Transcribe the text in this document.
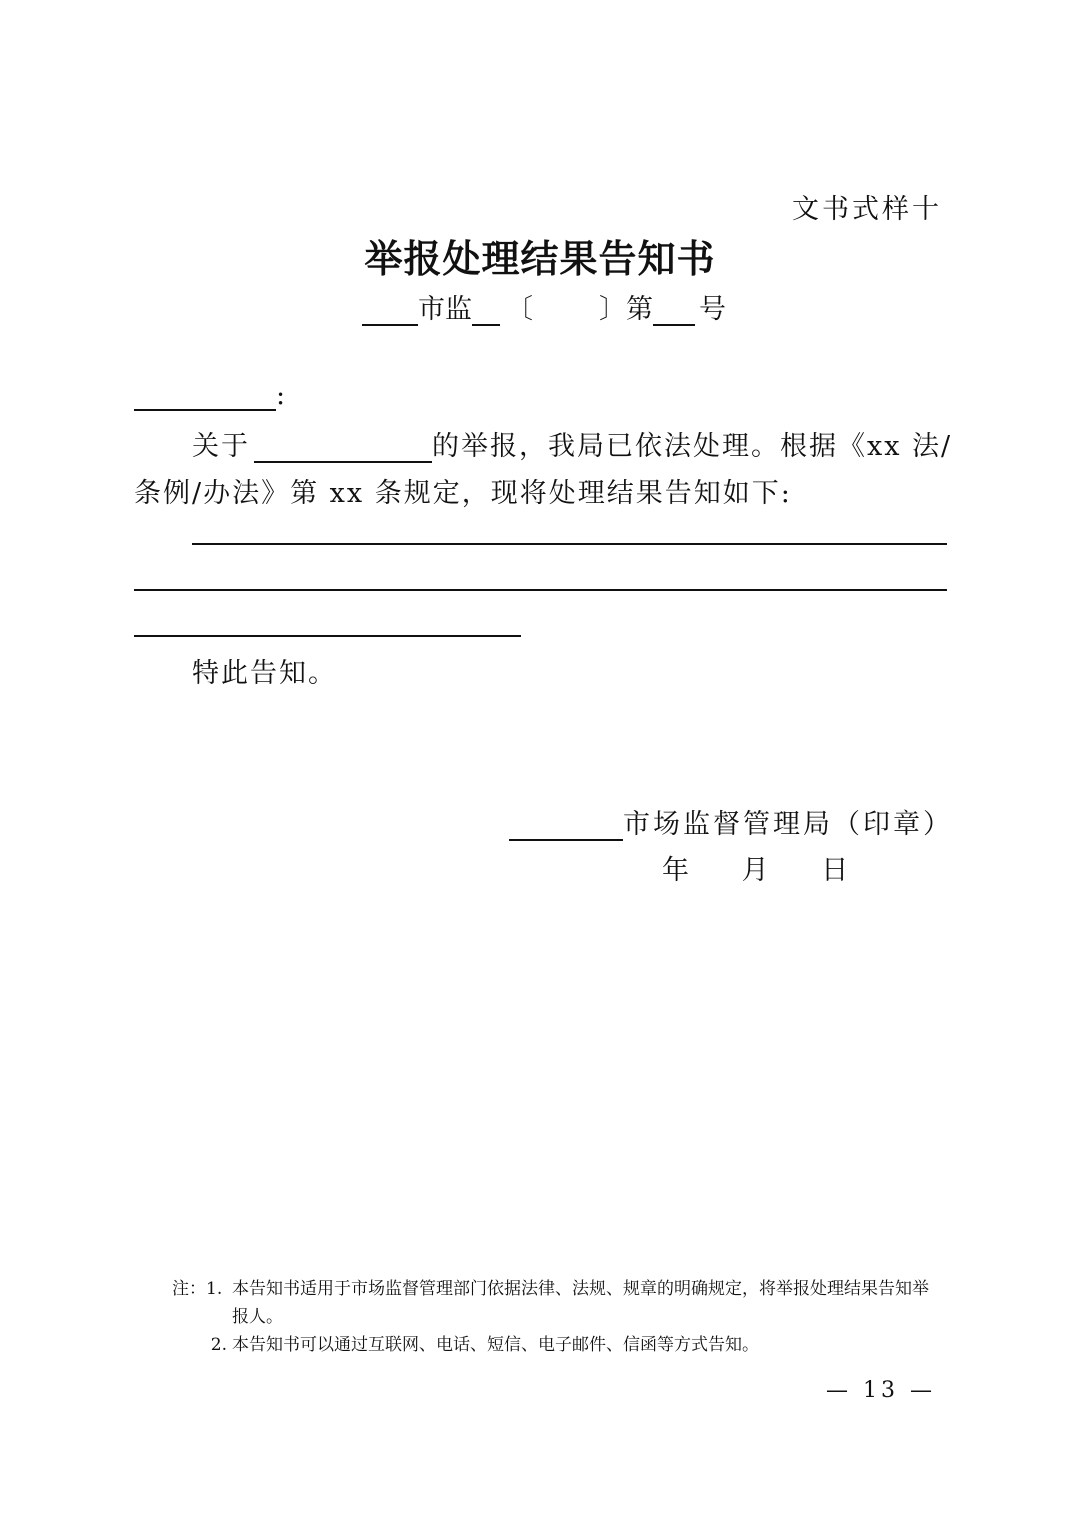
文书式样十
举报处理结果告知书
市监 〔 〕第 号
:
关于	的举报，我局已依法处理。根据《xx 法/
条例/办法》第 xx 条规定，现将处理结果告知如下:
特此告知。
市场监督管理局（印章）
年 月 日
注：1. 本告知书适用于市场监督管理部门依据法律、法规、规章的明确规定，将举报处理结果告知举报人。
2. 本告知书可以通过互联网、电话、短信、电子邮件、信函等方式告知。
— 13 —
